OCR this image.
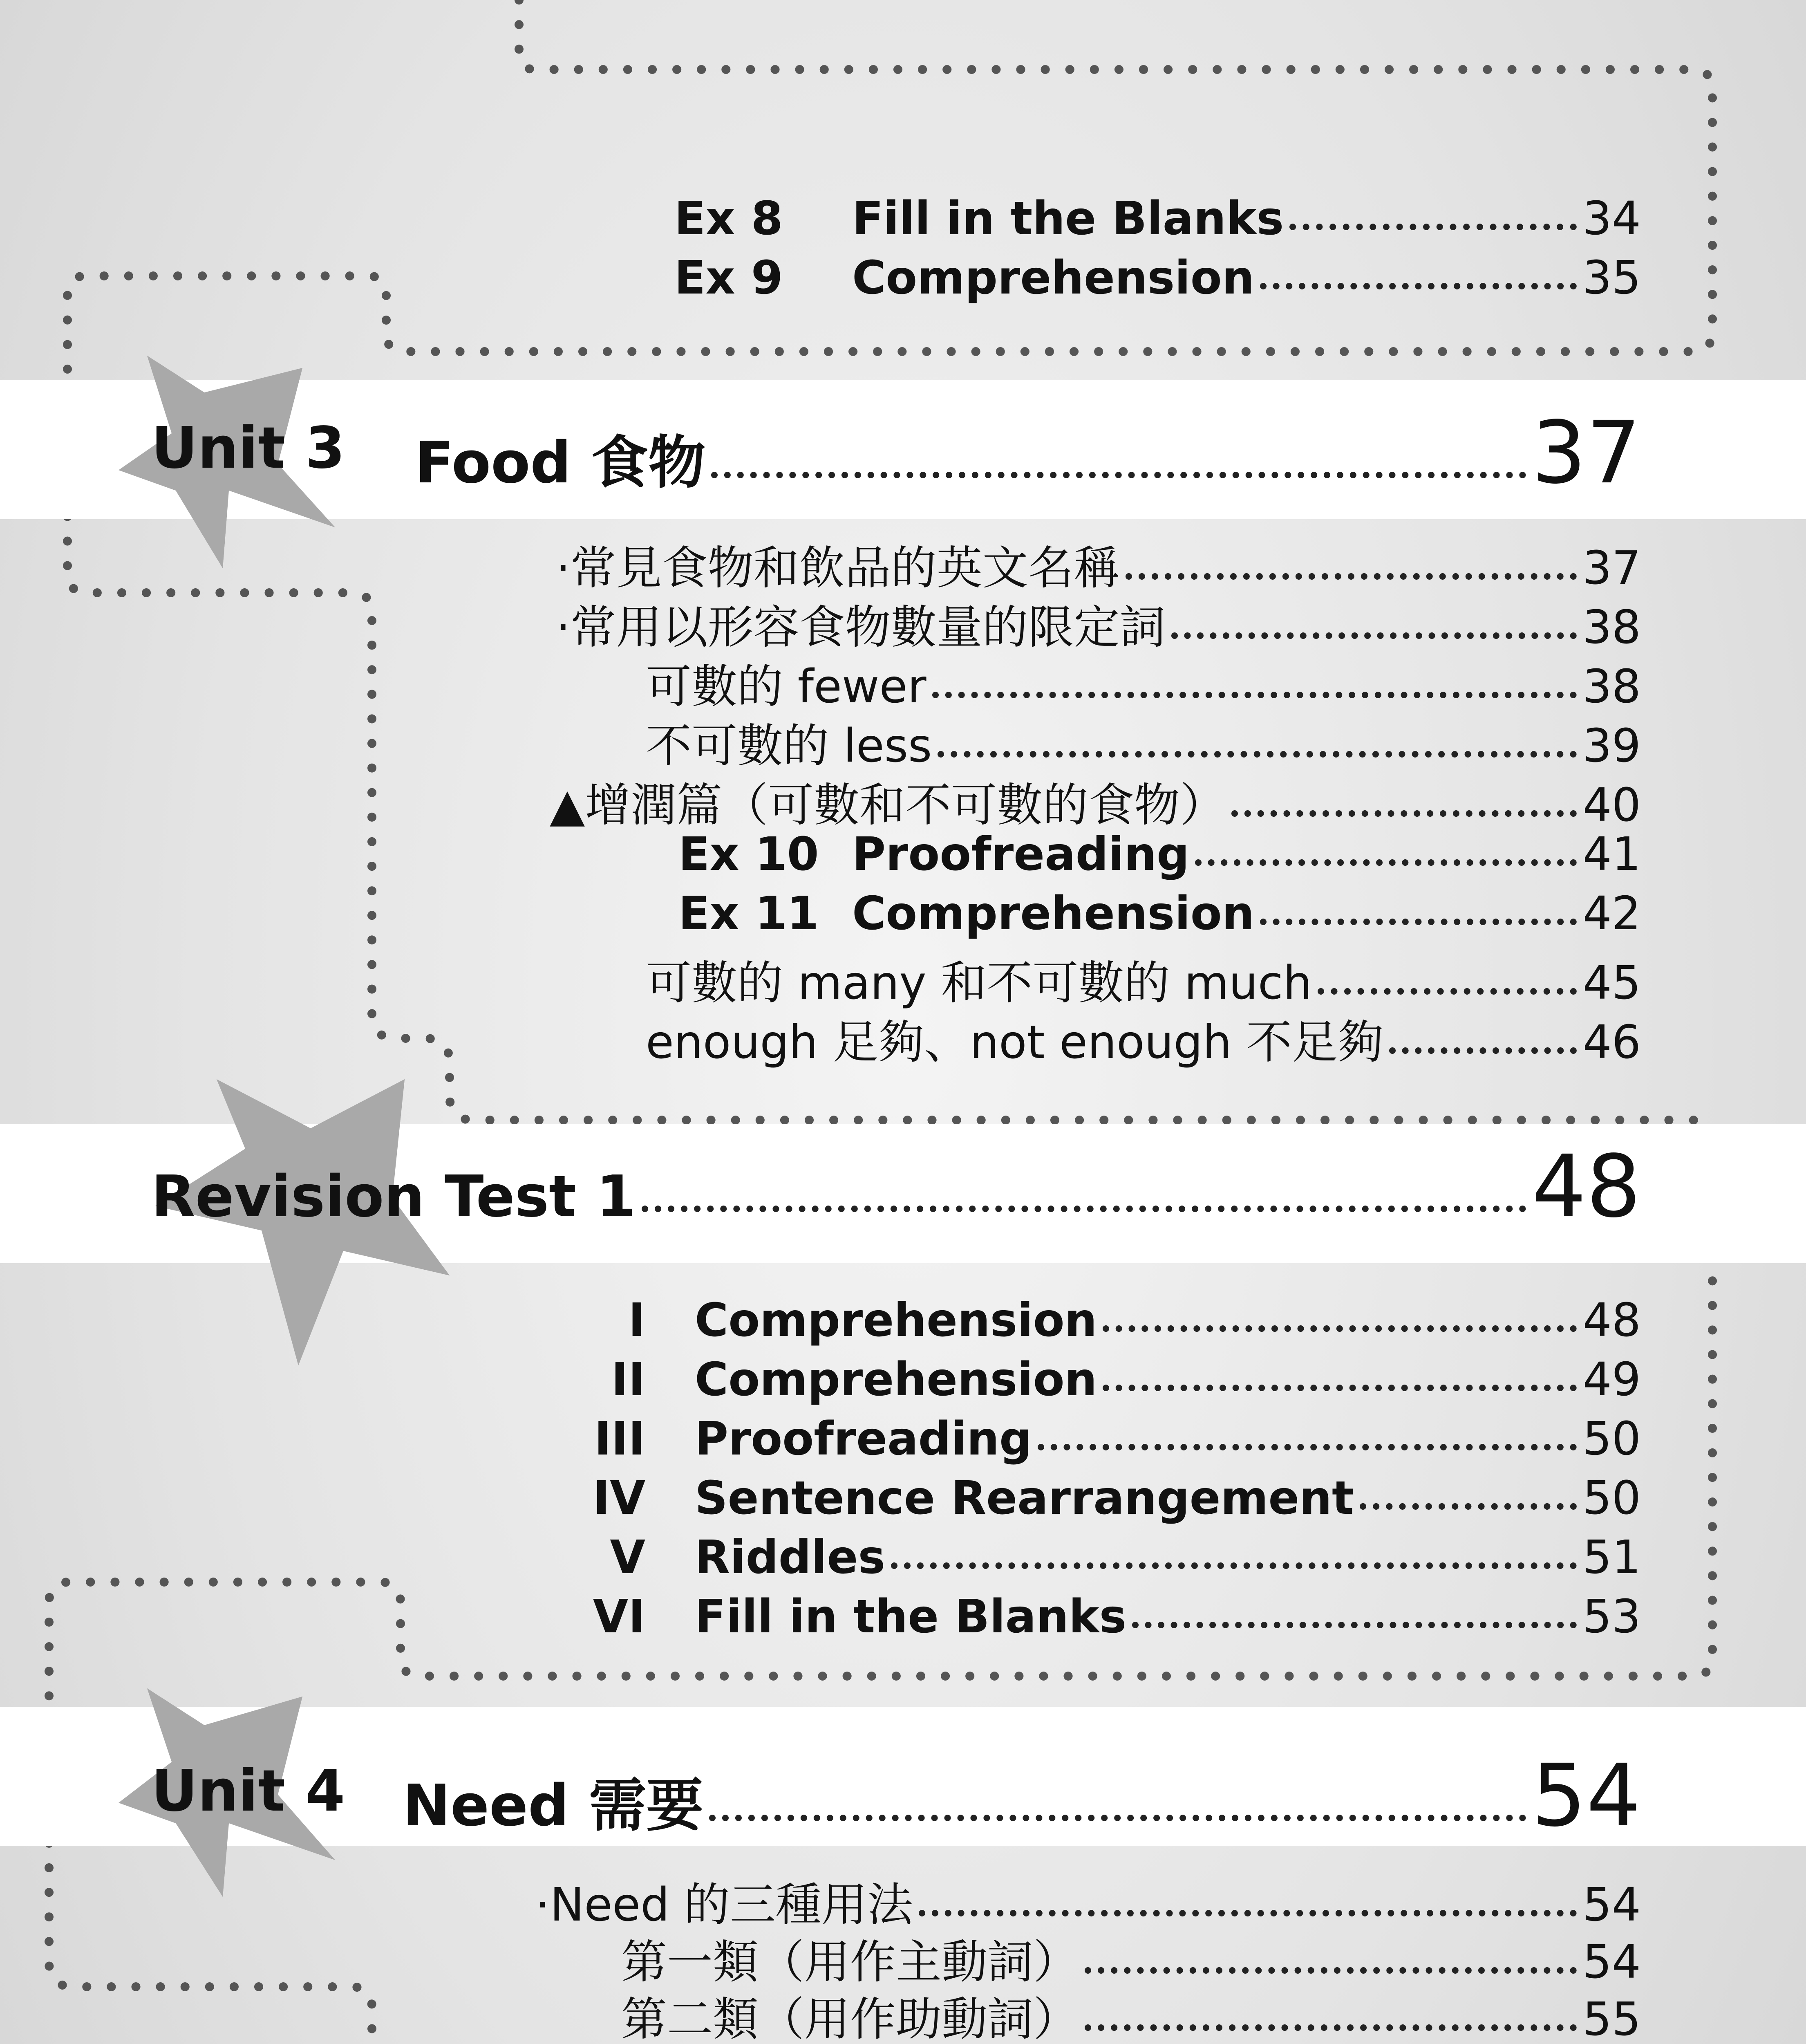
Ex 8 Fill in the Blanks	34
Ex 9 Comprehension	35
Unit 3 Food 食物	37
·常見食物和飲品的英文名稱	37
·常用以形容食物數量的限定詞	38
可數的 fewer	38
不可數的 less	39
▲增潤篇（可數和不可數的食物）	40
Ex 10 Proofreading	41
Ex 11 Comprehension	42
可數的 many 和不可數的 much	45
enough 足夠、not enough 不足夠	46
Revision Test 1	48
I Comprehension	48
II Comprehension	49
III Proofreading	50
IV Sentence Rearrangement	50
V Riddles	51
VI Fill in the Blanks	53
Unit 4 Need 需要	54
·Need 的三種用法	54
第一類（用作主動詞）	54
第二類（用作助動詞）	55
